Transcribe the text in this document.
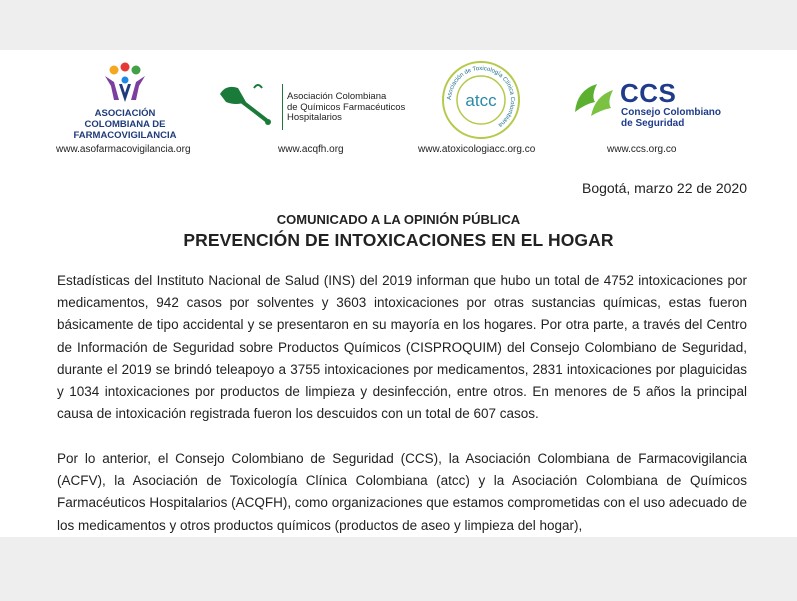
ASOCIACIÓN
COLOMBIANA DE
FARMACOVIGILANCIA
www.asofarmacovigilancia.org
Asociación Colombiana
de Químicos Farmacéuticos
Hospitalarios
www.acqfh.org
Asociación de Toxicología Clínica Colombiana
atcc
www.atoxicologiacc.org.co
CCS
Consejo Colombiano
de Seguridad
www.ccs.org.co
Bogotá, marzo 22 de 2020
COMUNICADO A LA OPINIÓN PÚBLICA
PREVENCIÓN DE INTOXICACIONES EN EL HOGAR

Estadísticas del Instituto Nacional de Salud (INS) del 2019 informan que hubo un total de 4752 intoxicaciones por medicamentos, 942 casos por solventes y 3603 intoxicaciones por otras sustancias químicas, estas fueron básicamente de tipo accidental y se presentaron en su mayoría en los hogares. Por otra parte, a través del Centro de Información de Seguridad sobre Productos Químicos (CISPROQUIM) del Consejo Colombiano de Seguridad, durante el 2019 se brindó teleapoyo a 3755 intoxicaciones por medicamentos, 2831 intoxicaciones por plaguicidas y 1034 intoxicaciones por productos de limpieza y desinfección, entre otros. En menores de 5 años la principal causa de intoxicación registrada fueron los descuidos con un total de 607 casos.

Por lo anterior, el Consejo Colombiano de Seguridad (CCS), la Asociación Colombiana de Farmacovigilancia (ACFV), la Asociación de Toxicología Clínica Colombiana (atcc) y la Asociación Colombiana de Químicos Farmacéuticos Hospitalarios (ACQFH), como organizaciones que estamos comprometidas con el uso adecuado de los medicamentos y otros productos químicos (productos de aseo y limpieza del hogar),
